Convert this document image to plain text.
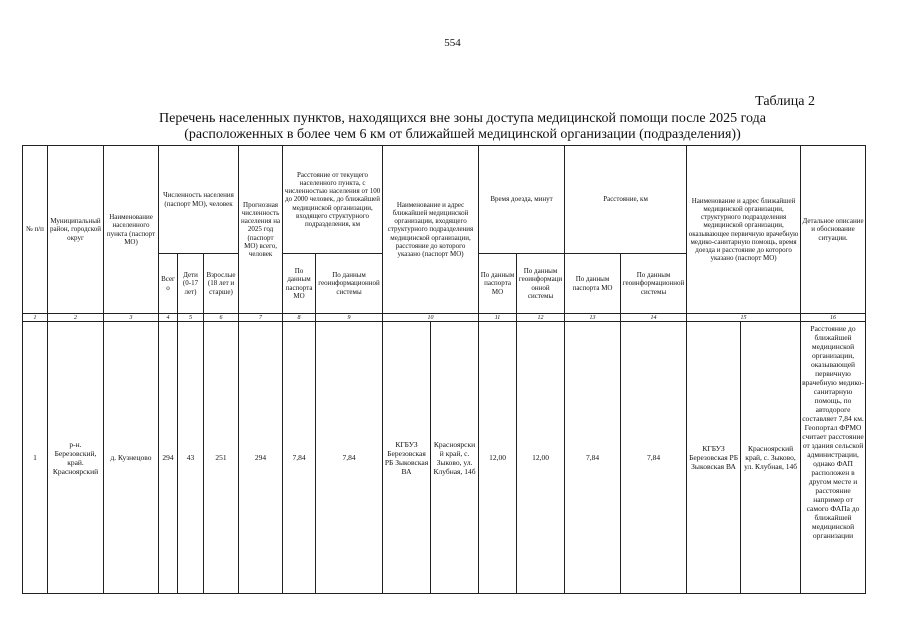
554
Таблица 2
Перечень населенных пунктов, находящихся вне зоны доступа медицинской помощи после 2025 года
(расположенных в более чем 6 км от ближайшей медицинской организации (подразделения))
№ п/п	Муниципальный район, городской округ	Наименование населенного пункта (паспорт МО)	Численность населения (паспорт МО), человек			Прогнозная численность населения на 2025 год (паспорт МО) всего, человек	Расстояние от текущего населенного пункта, с численностью населения от 100 до 2000 человек, до ближайшей медицинской организации, входящего структурного подразделения, км		Наименование и адрес ближайшей медицинской организации, входящего структурного подразделения медицинской организации, расстояние до которого указано (паспорт МО)		Время доезда, минут		Расстояние, км		Наименование и адрес ближайшей медицинской организации, структурного подразделения медицинской организации, оказывающее первичную врачебную медико-санитарную помощь, время доезда и расстояние до которого указано (паспорт МО)		Детальное описание и обоснование ситуации.
			Всего	Дети (0-17 лет)	Взрослые (18 лет и старше)		По данным паспорта МО	По данным геоинформационной системы			По данным паспорта МО	По данным геоинформационной системы	По данным паспорта МО	По данным геоинформационной системы			
1	2	3	4	5	6	7	8	9	10		11	12	13	14	15		16
1	р-н. Березовский, край. Красноярский	д. Кузнецово	294	43	251	294	7,84	7,84	КГБУЗ Березовская РБ Зыковская ВА	Красноярский край, с. Зыково, ул. Клубная, 14б	12,00	12,00	7,84	7,84	КГБУЗ Березовская РБ Зыковская ВА	Красноярский край, с. Зыково, ул. Клубная, 14б	Расстояние до ближайшей медицинской организации, оказывающей первичную врачебную медико-санитарную помощь, по автодороге составляет 7,84 км. Геопортал ФРМО считает расстояние от здания сельской администрации, однако ФАП расположен в другом месте и расстояние например от самого ФАПа до ближайшей медицинской организации
